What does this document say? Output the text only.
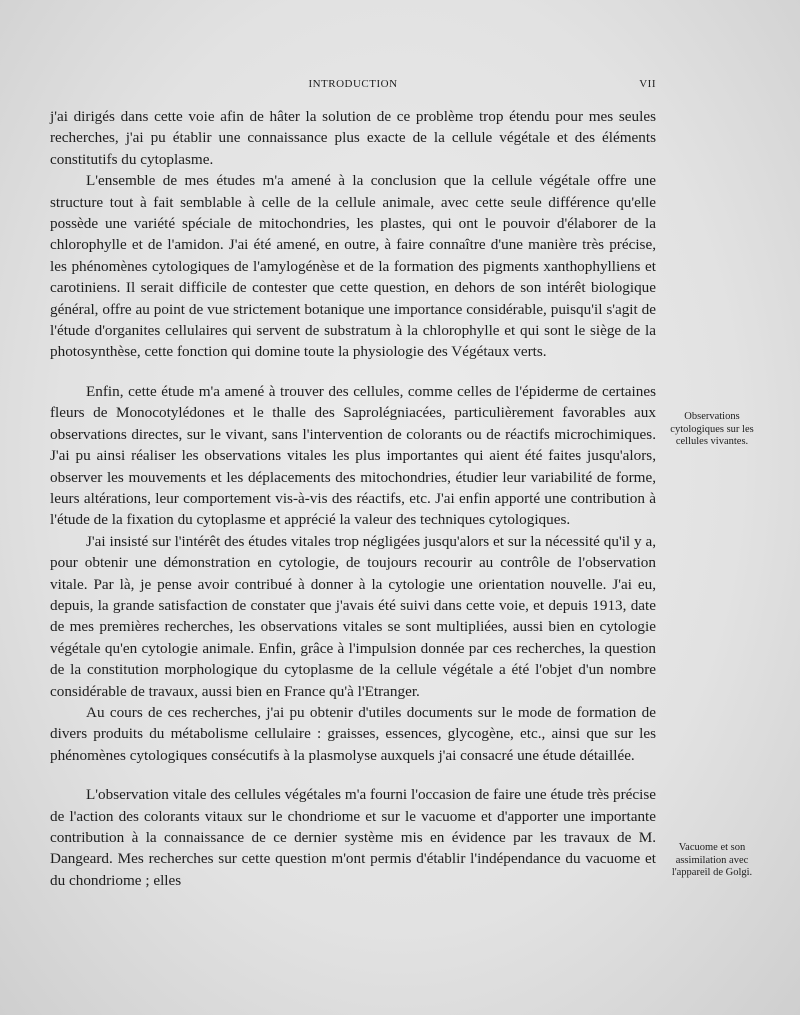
INTRODUCTION	VII

j'ai dirigés dans cette voie afin de hâter la solution de ce problème trop étendu pour mes seules recherches, j'ai pu établir une connaissance plus exacte de la cellule végétale et des éléments constitutifs du cytoplasme.

L'ensemble de mes études m'a amené à la conclusion que la cellule végétale offre une structure tout à fait semblable à celle de la cellule animale, avec cette seule différence qu'elle possède une variété spéciale de mitochondries, les plastes, qui ont le pouvoir d'élaborer de la chlorophylle et de l'amidon. J'ai été amené, en outre, à faire connaître d'une manière très précise, les phénomènes cytologiques de l'amylogénèse et de la formation des pigments xanthophylliens et carotiniens. Il serait difficile de contester que cette question, en dehors de son intérêt biologique général, offre au point de vue strictement botanique une importance considérable, puisqu'il s'agit de l'étude d'organites cellulaires qui servent de substratum à la chlorophylle et qui sont le siège de la photosynthèse, cette fonction qui domine toute la physiologie des Végétaux verts.

Enfin, cette étude m'a amené à trouver des cellules, comme celles de l'épiderme de certaines fleurs de Monocotylédones et le thalle des Saprolégniacées, particulièrement favorables aux observations directes, sur le vivant, sans l'intervention de colorants ou de réactifs microchimiques. J'ai pu ainsi réaliser les observations vitales les plus importantes qui aient été faites jusqu'alors, observer les mouvements et les déplacements des mitochondries, étudier leur variabilité de forme, leurs altérations, leur comportement vis-à-vis des réactifs, etc. J'ai enfin apporté une contribution à l'étude de la fixation du cytoplasme et apprécié la valeur des techniques cytologiques.

J'ai insisté sur l'intérêt des études vitales trop négligées jusqu'alors et sur la nécessité qu'il y a, pour obtenir une démonstration en cytologie, de toujours recourir au contrôle de l'observation vitale. Par là, je pense avoir contribué à donner à la cytologie une orientation nouvelle. J'ai eu, depuis, la grande satisfaction de constater que j'avais été suivi dans cette voie, et depuis 1913, date de mes premières recherches, les observations vitales se sont multipliées, aussi bien en cytologie végétale qu'en cytologie animale. Enfin, grâce à l'impulsion donnée par ces recherches, la question de la constitution morphologique du cytoplasme de la cellule végétale a été l'objet d'un nombre considérable de travaux, aussi bien en France qu'à l'Etranger.

Au cours de ces recherches, j'ai pu obtenir d'utiles documents sur le mode de formation de divers produits du métabolisme cellulaire : graisses, essences, glycogène, etc., ainsi que sur les phénomènes cytologiques consécutifs à la plasmolyse auxquels j'ai consacré une étude détaillée.

L'observation vitale des cellules végétales m'a fourni l'occasion de faire une étude très précise de l'action des colorants vitaux sur le chondriome et sur le vacuome et d'apporter une importante contribution à la connaissance de ce dernier système mis en évidence par les travaux de M. Dangeard. Mes recherches sur cette question m'ont permis d'établir l'indépendance du vacuome et du chondriome ; elles

Observations cytologiques sur les cellules vivantes.
Vacuome et son assimilation avec l'appareil de Golgi.
